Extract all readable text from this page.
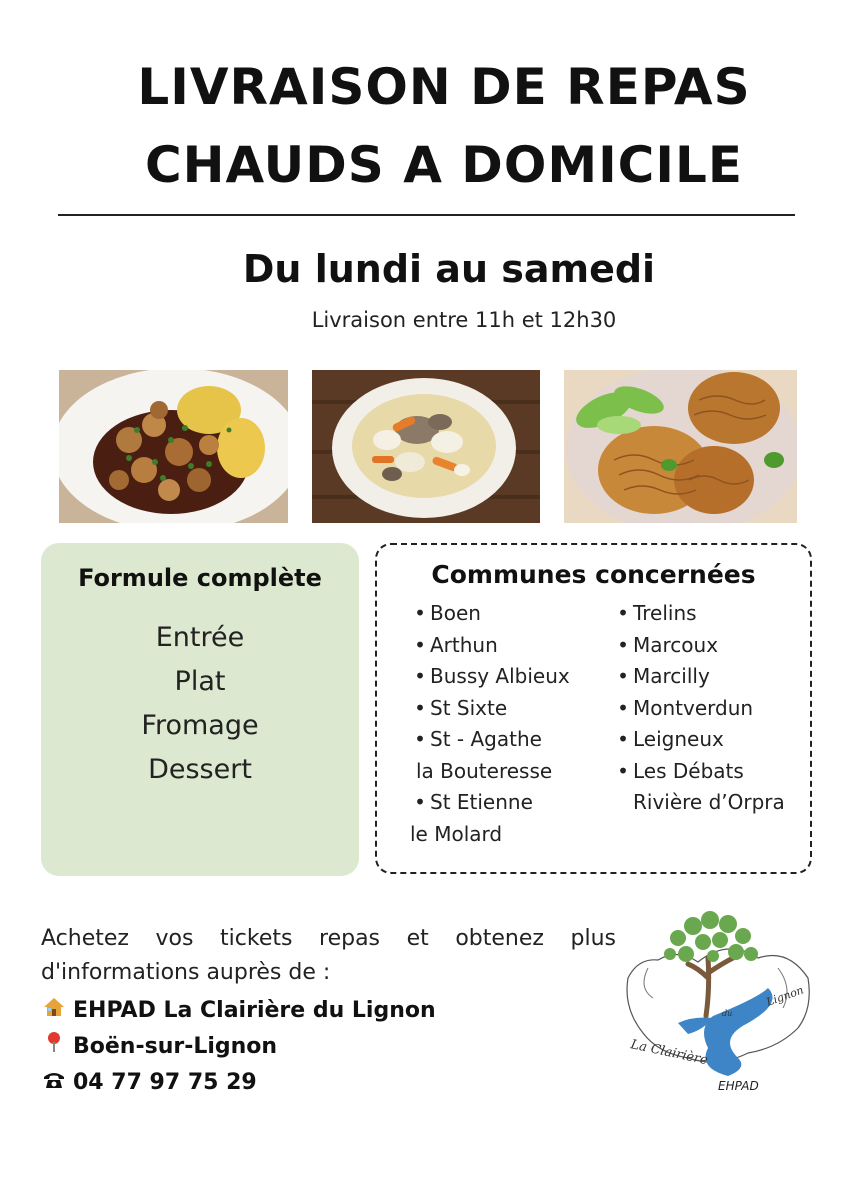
LIVRAISON DE REPAS
CHAUDS A DOMICILE
Du lundi au samedi
Livraison entre 11h et 12h30
Formule complète
Entrée
Plat
Fromage
Dessert
Communes concernées
• Boen
• Arthun
• Bussy Albieux
• St Sixte
• St - Agathe
la Bouteresse
• St Etienne
le Molard
• Trelins
• Marcoux
• Marcilly
• Montverdun
• Leigneux
• Les Débats
Rivière d’Orpra
Achetez vos tickets repas et obtenez plus
d'informations auprès de :
EHPAD La Clairière du Lignon
Boën-sur-Lignon
04 77 97 75 29
La Clairière
du
Lignon
EHPAD
